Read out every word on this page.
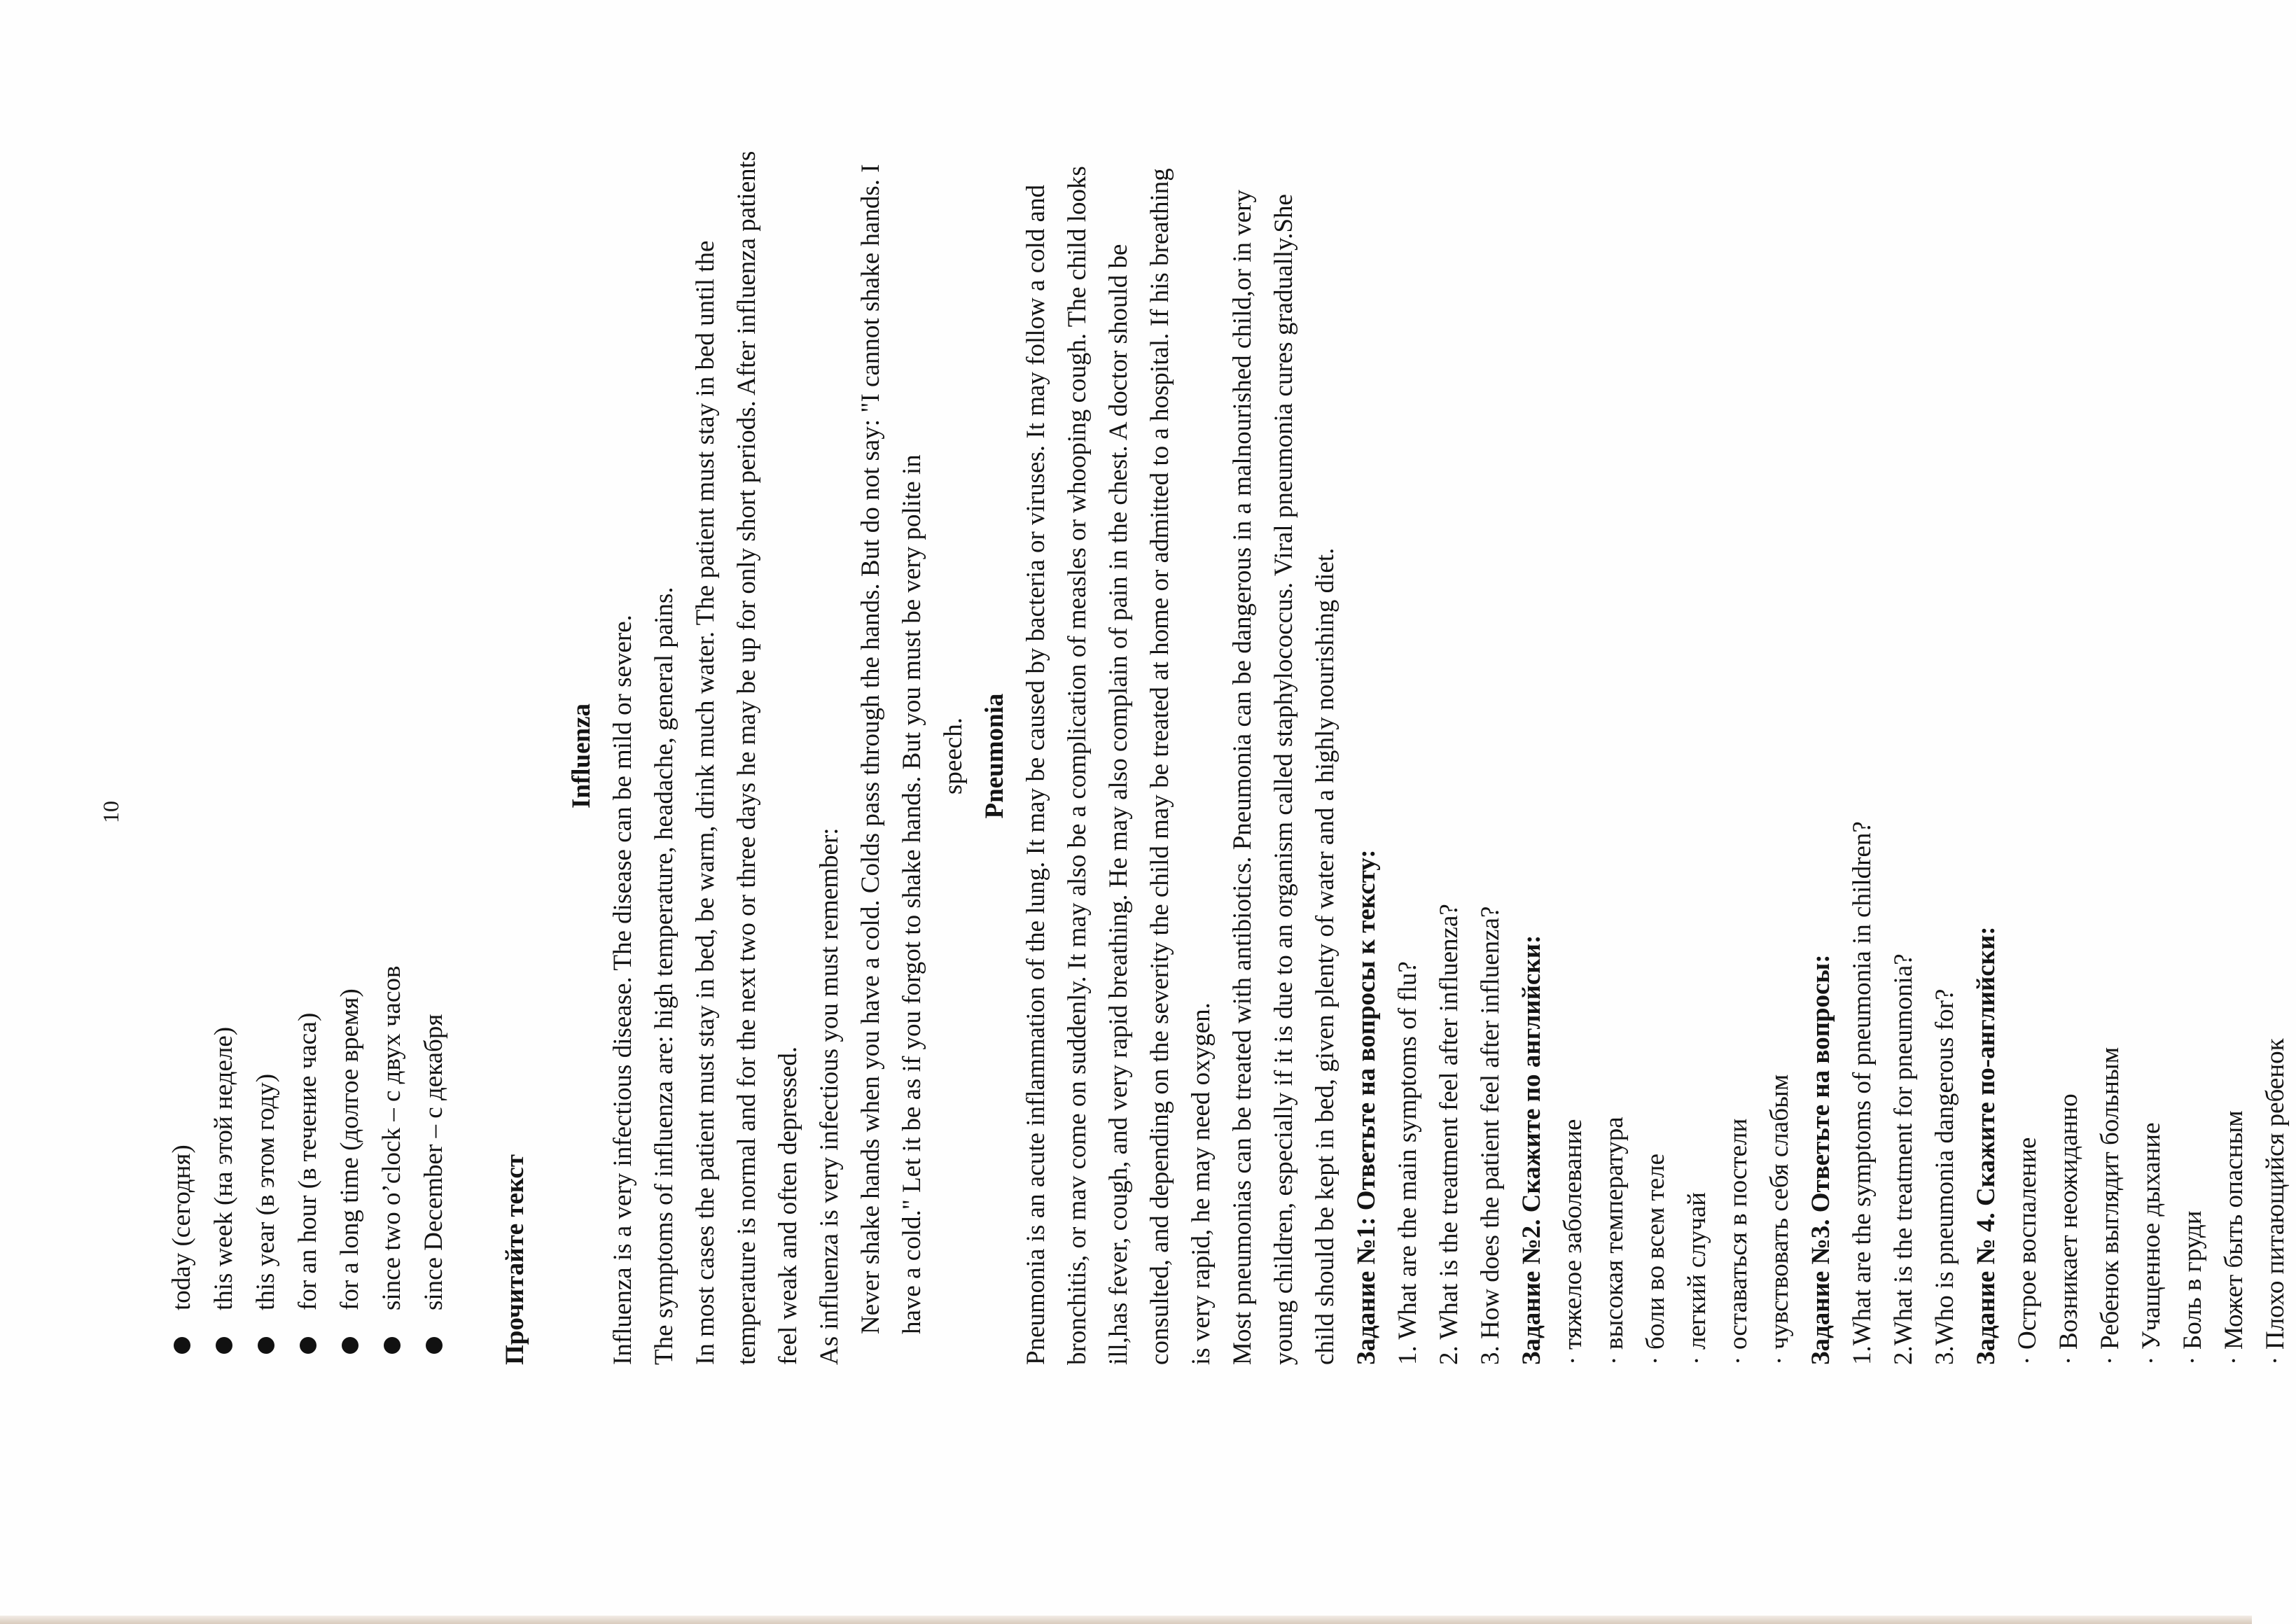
10
today (сегодня) this week (на этой неделе) this year (в этом году) for an hour (в течение часа) for a long time (долгое время) since two o’clock – с двух часов since December – с декабря Прочитайте текст
Influenza Influenza is a very infectious disease. The disease can be mild or severe. The symptoms of influenza are: high temperature, headache, general pains. In most cases the patient must stay in bed, be warm, drink much water. The patient must stay in bed until the temperature is normal and for the next two or three days he may be up for only short periods. After influenza patients feel weak and often depressed. As influenza is very infectious you must remember: Never shake hands when you have a cold. Colds pass through the hands. But do not say: "I cannot shake hands. I have a cold." Let it be as if you forgot to shake hands. But you must be very polite in speech. Pneumonia Pneumonia is an acute inflammation of the lung. It may be caused by bacteria or viruses. It may follow a cold and bronchitis, or mav come on suddenly. It may also be a complication of measles or whooping cough. The child looks ill,has fever, cough, and very rapid breathing. He may also complain of pain in the chest. A doctor should be consulted, and depending on the severity the child may be treated at home or admitted to a hospital. If his breathing is very rapid, he may need oxygen. Most pneumonias can be treated with antibiotics. Pneumonia can be dangerous in a malnourished child,or in very young children, especially if it is due to an organism called staphylococcus. Viral pneumonia cures gradually.She child should be kept in bed, given plenty of water and a highly nourishing diet. Задание №1: Ответьте на вопросы к тексту: 1. What are the main symptoms of flu? 2. What is the treatment feel after influenza? 3. How does the patient feel after influenza? Задание №2. Скажите по английски: ·тяжелое заболевание

·высокая температура

·боли во всем теле

·легкий случай

·оставаться в постели

·чувствовать себя слабым Задание №3. Ответьте на вопросы: 1.What are the symptoms of pneumonia in children? 2.What is the treatment for pneumonia? 3.Who is pneumonia dangerous for? Задание № 4. Скажите по-английски: ·Острое воспаление

·Возникает неожиданно

·Ребенок выглядит больным

·Учащенное дыхание

·Боль в груди

·Может быть опасным

·Плохо питающийся ребенок
